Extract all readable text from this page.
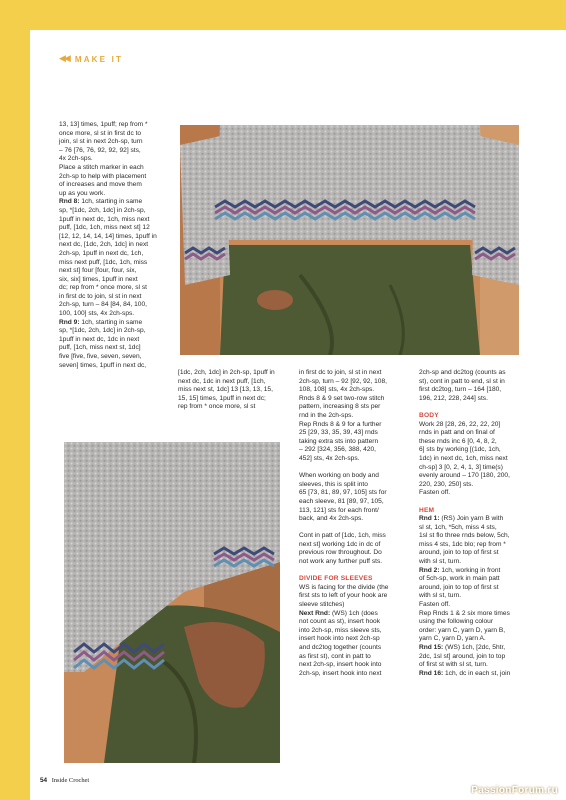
◀◀ MAKE IT

13, 13] times, 1puff; rep from *

once more, sl st in first dc to

join, sl st in next 2ch-sp, turn

– 76 [76, 76, 92, 92, 92] sts,

4x 2ch-sps.

Place a stitch marker in each

2ch-sp to help with placement

of increases and move them

up as you work.

Rnd 8: 1ch, starting in same

sp, *[1dc, 2ch, 1dc] in 2ch-sp,

1puff in next dc, 1ch, miss next

puff, [1dc, 1ch, miss next st] 12

[12, 12, 14, 14, 14] times, 1puff in

next dc, [1dc, 2ch, 1dc] in next

2ch-sp, 1puff in next dc, 1ch,

miss next puff, [1dc, 1ch, miss

next st] four [four, four, six,

six, six] times, 1puff in next

dc; rep from * once more, sl st

in first dc to join, sl st in next

2ch-sp, turn – 84 [84, 84, 100,

100, 100] sts, 4x 2ch-sps.

Rnd 9: 1ch, starting in same

sp, *[1dc, 2ch, 1dc] in 2ch-sp,

1puff in next dc, 1dc in next

puff, [1ch, miss next st, 1dc]

five [five, five, seven, seven,

seven] times, 1puff in next dc,

[1dc, 2ch, 1dc] in 2ch-sp, 1puff in

next dc, 1dc in next puff, [1ch,

miss next st, 1dc] 13 [13, 13, 15,

15, 15] times, 1puff in next dc;

rep from * once more, sl st

in first dc to join, sl st in next

2ch-sp, turn – 92 [92, 92, 108,

108, 108] sts, 4x 2ch-sps.

Rnds 8 & 9 set two-row stitch

pattern, increasing 8 sts per

rnd in the 2ch-sps.

Rep Rnds 8 & 9 for a further

25 [29, 33, 35, 39, 43] rnds

taking extra sts into pattern

– 292 [324, 356, 388, 420,

452] sts, 4x 2ch-sps.

When working on body and

sleeves, this is split into

65 [73, 81, 89, 97, 105] sts for

each sleeve, 81 [89, 97, 105,

113, 121] sts for each front/

back, and 4x 2ch-sps.

Cont in patt of [1dc, 1ch, miss

next st] working 1dc in dc of

previous row throughout. Do

not work any further puff sts.

DIVIDE FOR SLEEVES

WS is facing for the divide (the

first sts to left of your hook are

sleeve stitches)

Next Rnd: (WS) 1ch (does

not count as st), insert hook

into 2ch-sp, miss sleeve sts,

insert hook into next 2ch-sp

and dc2tog together (counts

as first st), cont in patt to

next 2ch-sp, insert hook into

2ch-sp, insert hook into next

2ch-sp and dc2tog (counts as

st), cont in patt to end, sl st in

first dc2tog, turn – 164 [180,

196, 212, 228, 244] sts.

BODY

Work 28 [28, 26, 22, 22, 20]

rnds in patt and on final of

these rnds inc 6 [0, 4, 8, 2,

6] sts by working [(1dc, 1ch,

1dc) in next dc, 1ch, miss next

ch-sp] 3 [0, 2, 4, 1, 3] time(s)

evenly around – 170 [180, 200,

220, 230, 250] sts.

Fasten off.

HEM

Rnd 1: (RS) Join yarn B with

sl st, 1ch, *5ch, miss 4 sts,

1sl st flo three rnds below, 5ch,

miss 4 sts, 1dc blo; rep from *

around, join to top of first st

with sl st, turn.

Rnd 2: 1ch, working in front

of 5ch-sp, work in main patt

around, join to top of first st

with sl st, turn.

Fasten off.

Rep Rnds 1 & 2 six more times

using the following colour

order: yarn C, yarn D, yarn B,

yarn C, yarn D, yarn A.

Rnd 15: (WS) 1ch, [2dc, 5htr,

2dc, 1sl st] around, join to top

of first st with sl st, turn.

Rnd 16: 1ch, dc in each st, join

54 Inside Crochet
PassionForum.ru
